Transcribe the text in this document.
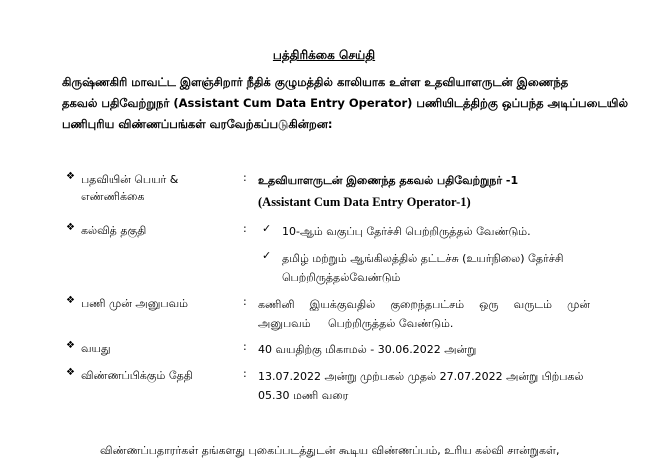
பத்திரிக்கை செய்தி
கிருஷ்ணகிரி மாவட்ட இளஞ்சிறார் நீதிக் குழுமத்தில் காலியாக உள்ள உதவியாளருடன் இணைந்த
தகவல் பதிவேற்றுநர் (Assistant Cum Data Entry Operator) பணியிடத்திற்கு ஒப்பந்த அடிப்படையில்
பணிபுரிய விண்ணப்பங்கள் வரவேற்கப்படுகின்றன:
❖ பதவியின் பெயர் &
எண்ணிக்கை
: உதவியாளருடன் இணைந்த தகவல் பதிவேற்றுநர் -1
(Assistant Cum Data Entry Operator-1)
❖ கல்வித் தகுதி	: ✓ 10-ஆம் வகுப்பு தேர்ச்சி பெற்றிருத்தல் வேண்டும்.
✓ தமிழ் மற்றும் ஆங்கிலத்தில் தட்டச்சு (உயர்நிலை) தேர்ச்சி
பெற்றிருத்தல்வேண்டும்
❖ பணி முன் அனுபவம்	: கணினி இயக்குவதில் குறைந்தபட்சம் ஒரு வருடம் முன்
அனுபவம்     பெற்றிருத்தல் வேண்டும்.
❖ வயது	: 40 வயதிற்கு மிகாமல் - 30.06.2022 அன்று
❖ விண்ணப்பிக்கும் தேதி	: 13.07.2022 அன்று முற்பகல் முதல் 27.07.2022 அன்று பிற்பகல்
05.30 மணி வரை
விண்ணப்பதாரர்கள் தங்களது புகைப்படத்துடன் கூடிய விண்ணப்பம், உரிய கல்வி சான்றுகள்,
